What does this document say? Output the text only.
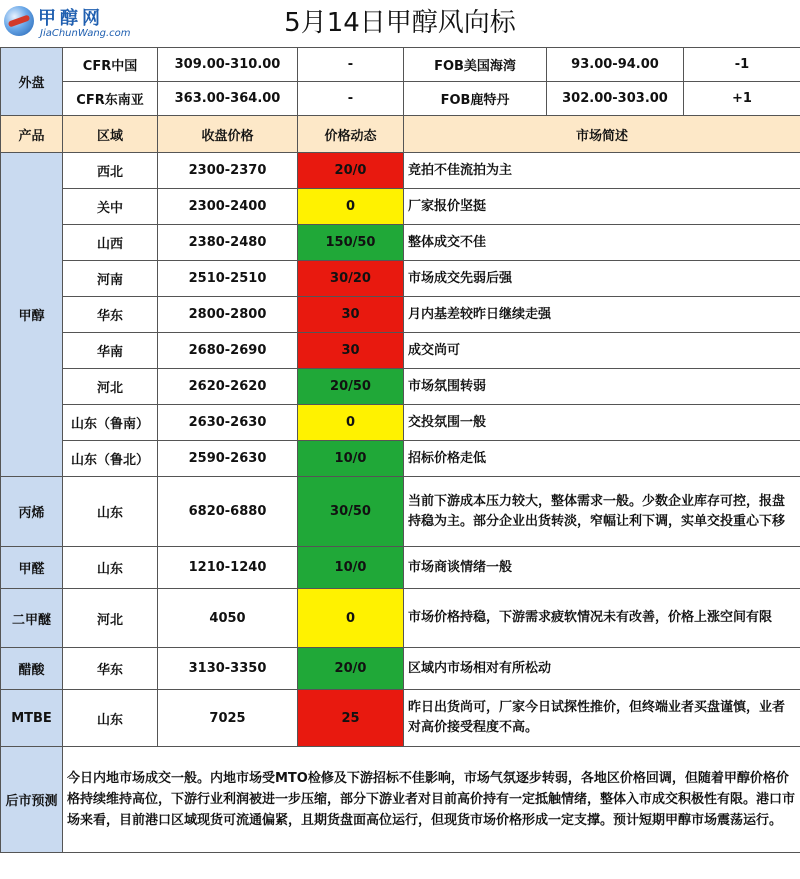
甲醇网
JiaChunWang.com	5月14日甲醇风向标
外盘	CFR中国	309.00-310.00	-	FOB美国海湾	93.00-94.00	-1
	CFR东南亚	363.00-364.00	-	FOB鹿特丹	302.00-303.00	+1
产品	区域	收盘价格	价格动态	市场简述		
甲醇	西北	2300-2370	20/0	竞拍不佳流拍为主		
	关中	2300-2400	0	厂家报价坚挺		
	山西	2380-2480	150/50	整体成交不佳		
	河南	2510-2510	30/20	市场成交先弱后强		
	华东	2800-2800	30	月内基差较昨日继续走强		
	华南	2680-2690	30	成交尚可		
	河北	2620-2620	20/50	市场氛围转弱		
	山东（鲁南）	2630-2630	0	交投氛围一般		
	山东（鲁北）	2590-2630	10/0	招标价格走低		
丙烯	山东	6820-6880	30/50	当前下游成本压力较大，整体需求一般。少数企业库存可控，报盘持稳为主。部分企业出货转淡，窄幅让利下调，实单交投重心下移		
甲醛	山东	1210-1240	10/0	市场商谈情绪一般		
二甲醚	河北	4050	0	市场价格持稳，下游需求疲软情况未有改善，价格上涨空间有限		
醋酸	华东	3130-3350	20/0	区域内市场相对有所松动		
MTBE	山东	7025	25	昨日出货尚可，厂家今日试探性推价，但终端业者买盘谨慎，业者对高价接受程度不高。		
后市预测	今日内地市场成交一般。内地市场受MTO检修及下游招标不佳影响，市场气氛逐步转弱，各地区价格回调，但随着甲醇价格价格持续维持高位，下游行业利润被进一步压缩，部分下游业者对目前高价持有一定抵触情绪，整体入市成交积极性有限。港口市场来看，目前港口区域现货可流通偏紧，且期货盘面高位运行，但现货市场价格形成一定支撑。预计短期甲醇市场震荡运行。					
